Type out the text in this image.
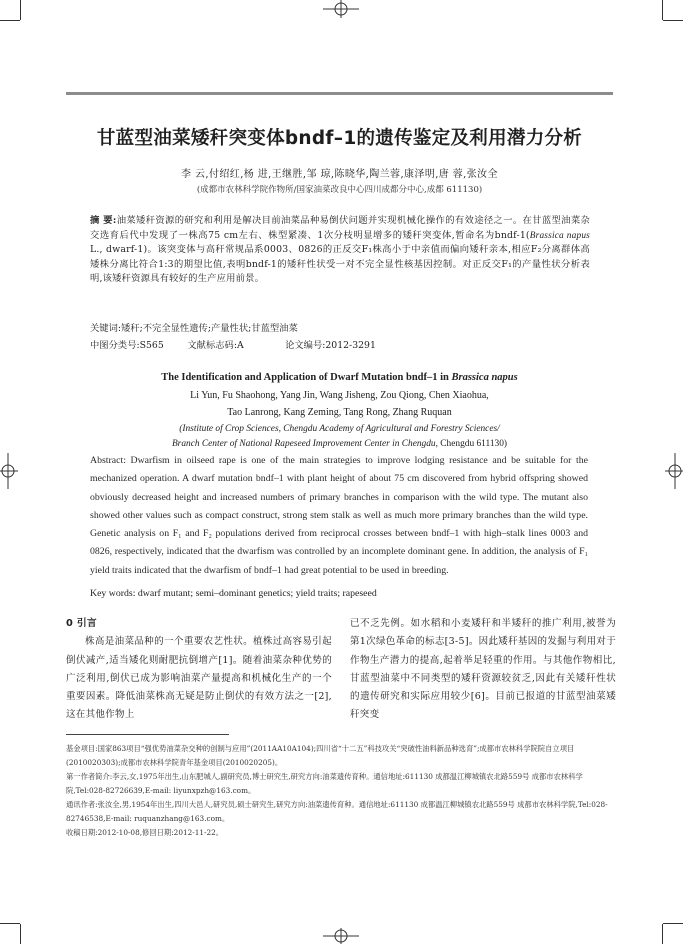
甘蓝型油菜矮秆突变体bndf–1的遗传鉴定及利用潜力分析
李 云,付绍红,杨 进,王继胜,邹 琼,陈晓华,陶兰蓉,康泽明,唐 蓉,张汝全
(成都市农林科学院作物所/国家油菜改良中心四川成都分中心,成都 611130)
摘 要:油菜矮秆资源的研究和利用是解决目前油菜品种易倒伏问题并实现机械化操作的有效途径之一。在甘蓝型油菜杂交选育后代中发现了一株高75 cm左右、株型紧凑、1次分枝明显增多的矮秆突变体,暂命名为bndf-1(Brassica napus L., dwarf-1)。该突变体与高秆常规品系0003、0826的正反交F₁株高小于中亲值而偏向矮秆亲本,相应F₂分离群体高矮株分离比符合1:3的期望比值,表明bndf-1的矮秆性状受一对不完全显性核基因控制。对正反交F₁的产量性状分析表明,该矮秆资源具有较好的生产应用前景。
关键词:矮秆;不完全显性遗传;产量性状;甘蓝型油菜
中图分类号:S565        文献标志码:A              论文编号:2012-3291
The Identification and Application of Dwarf Mutation bndf–1 in Brassica napus
Li Yun, Fu Shaohong, Yang Jin, Wang Jisheng, Zou Qiong, Chen Xiaohua,
Tao Lanrong, Kang Zeming, Tang Rong, Zhang Ruquan
(Institute of Crop Sciences, Chengdu Academy of Agricultural and Forestry Sciences/
Branch Center of National Rapeseed Improvement Center in Chengdu, Chengdu 611130)
Abstract: Dwarfism in oilseed rape is one of the main strategies to improve lodging resistance and be suitable for the mechanized operation. A dwarf mutation bndf–1 with plant height of about 75 cm discovered from hybrid offspring showed obviously decreased height and increased numbers of primary branches in comparison with the wild type. The mutant also showed other values such as compact construct, strong stem stalk as well as much more primary branches than the wild type. Genetic analysis on F₁ and F₂ populations derived from reciprocal crosses between bndf–1 with high–stalk lines 0003 and 0826, respectively, indicated that the dwarfism was controlled by an incomplete dominant gene. In addition, the analysis of F₁ yield traits indicated that the dwarfism of bndf–1 had great potential to be used in breeding.
Key words: dwarf mutant; semi–dominant genetics; yield traits; rapeseed
0 引言
株高是油菜品种的一个重要农艺性状。植株过高容易引起倒伏减产,适当矮化则耐肥抗倒增产[1]。随着油菜杂种优势的广泛利用,倒伏已成为影响油菜产量提高和机械化生产的一个重要因素。降低油菜株高无疑是防止倒伏的有效方法之一[2],这在其他作物上
已不乏先例。如水稻和小麦矮秆和半矮秆的推广利用,被誉为第1次绿色革命的标志[3-5]。因此矮秆基因的发掘与利用对于作物生产潜力的提高,起着举足轻重的作用。与其他作物相比,甘蓝型油菜中不同类型的矮秆资源较贫乏,因此有关矮秆性状的遗传研究和实际应用较少[6]。目前已报道的甘蓝型油菜矮秆突变
基金项目:国家863项目“强优势油菜杂交种的创制与应用”(2011AA10A104);四川省“十二五”科技攻关“突破性油料新品种选育”;成都市农林科学院院自立项目(2010020303);成都市农林科学院青年基金项目(2010020205)。
第一作者简介:李云,女,1975年出生,山东肥城人,副研究员,博士研究生,研究方向:油菜遗传育种。通信地址:611130 成都温江柳城镇农北路559号 成都市农林科学院,Tel:028-82726639,E-mail: liyunxpzh@163.com。
通讯作者:张汝全,男,1954年出生,四川大邑人,研究员,硕士研究生,研究方向:油菜遗传育种。通信地址:611130 成都温江柳城镇农北路559号 成都市农林科学院,Tel:028-82746538,E-mail: ruquanzhang@163.com。
收稿日期:2012-10-08,修回日期:2012-11-22。
